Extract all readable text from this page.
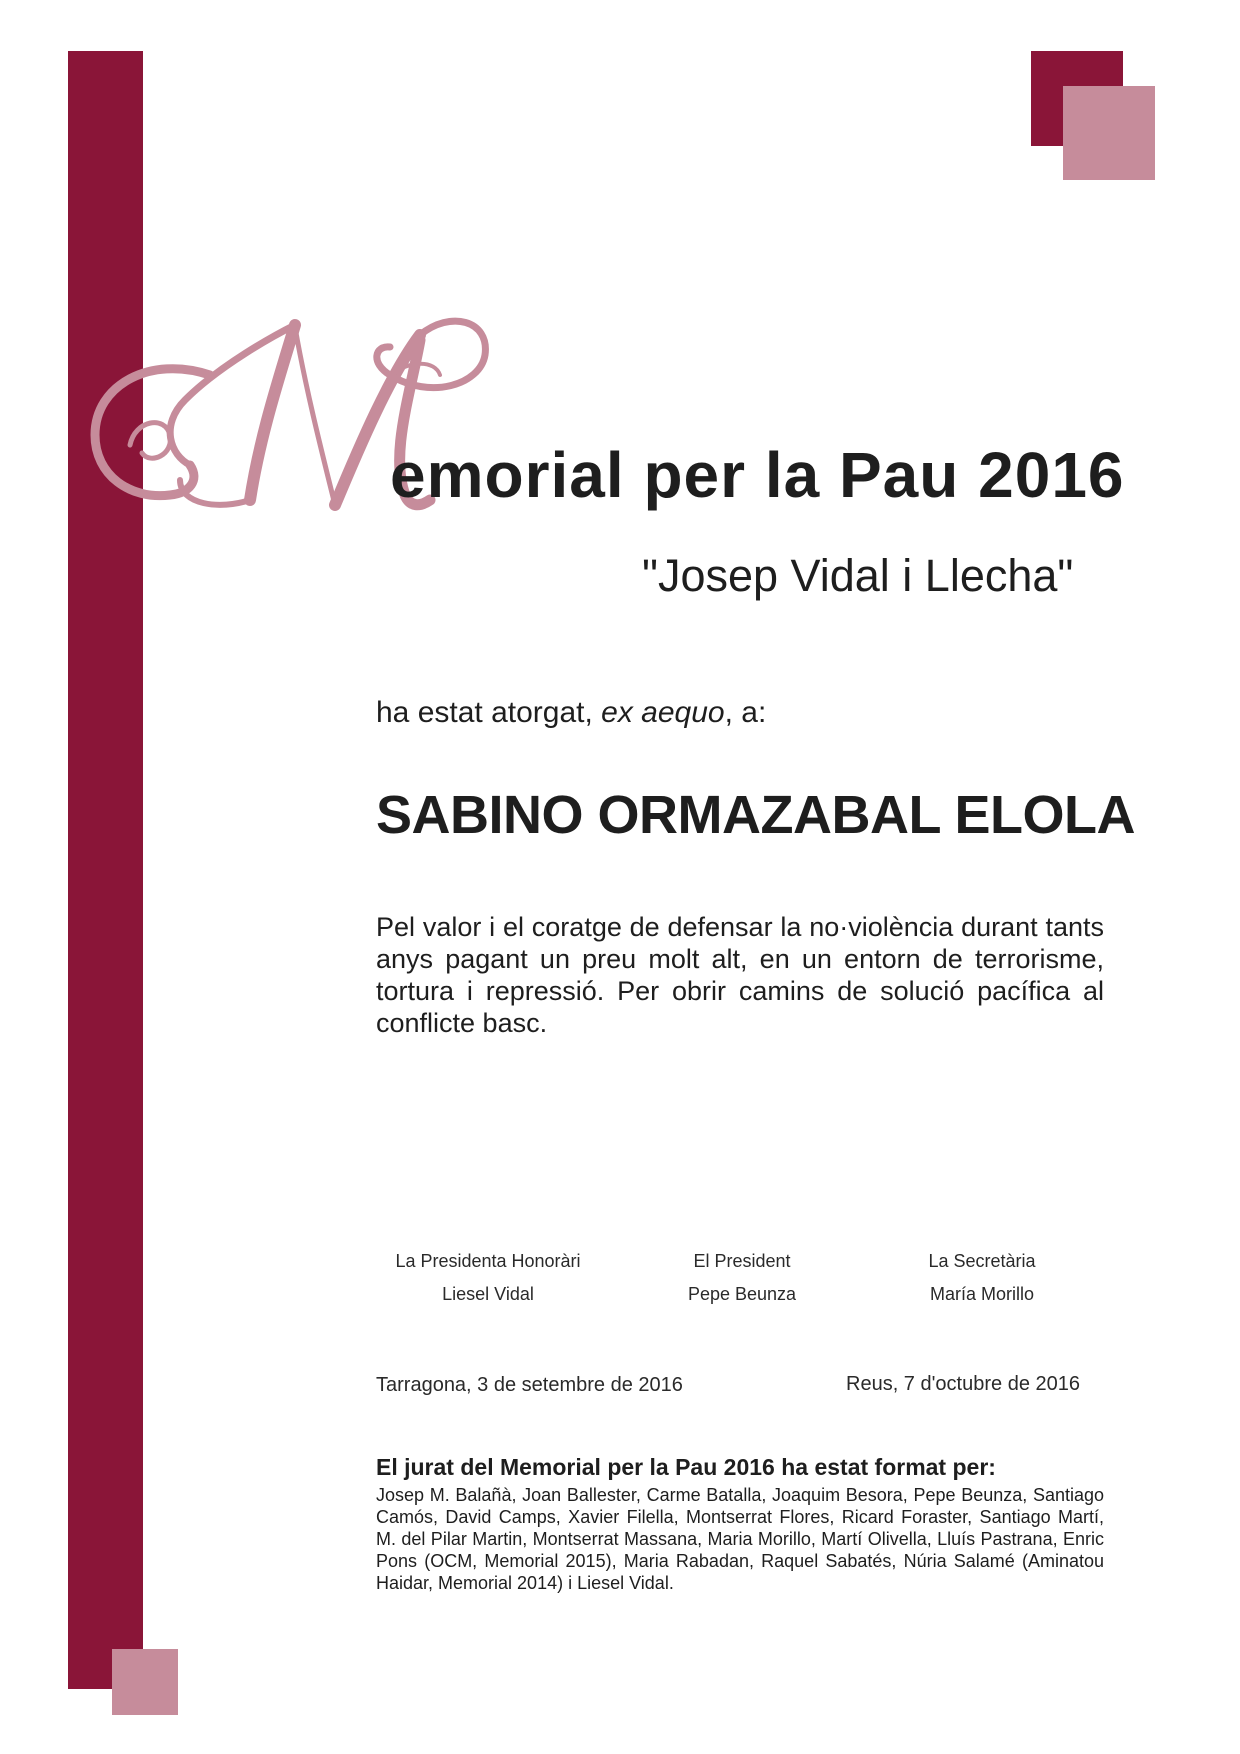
emorial per la Pau 2016
"Josep Vidal i Llecha"
ha estat atorgat, ex aequo, a:
SABINO ORMAZABAL ELOLA
Pel valor i el coratge de defensar la no·violència durant tants anys pagant un preu molt alt, en un entorn de terrorisme, tortura i repressió. Per obrir camins de solució pacífica al conflicte basc.
La Presidenta Honoràri
Liesel Vidal
El President
Pepe Beunza
La Secretària
María Morillo
Tarragona, 3 de setembre de 2016	Reus, 7 d'octubre de 2016
El jurat del Memorial per la Pau 2016 ha estat format per:
Josep M. Balañà, Joan Ballester, Carme Batalla, Joaquim Besora, Pepe Beunza, Santiago Camós, David Camps, Xavier Filella, Montserrat Flores, Ricard Foraster, Santiago Martí, M. del Pilar Martin, Montserrat Massana, Maria Morillo, Martí Olivella, Lluís Pastrana, Enric Pons (OCM, Memorial 2015), Maria Rabadan, Raquel Sabatés, Núria Salamé (Aminatou Haidar, Memorial 2014) i Liesel Vidal.
